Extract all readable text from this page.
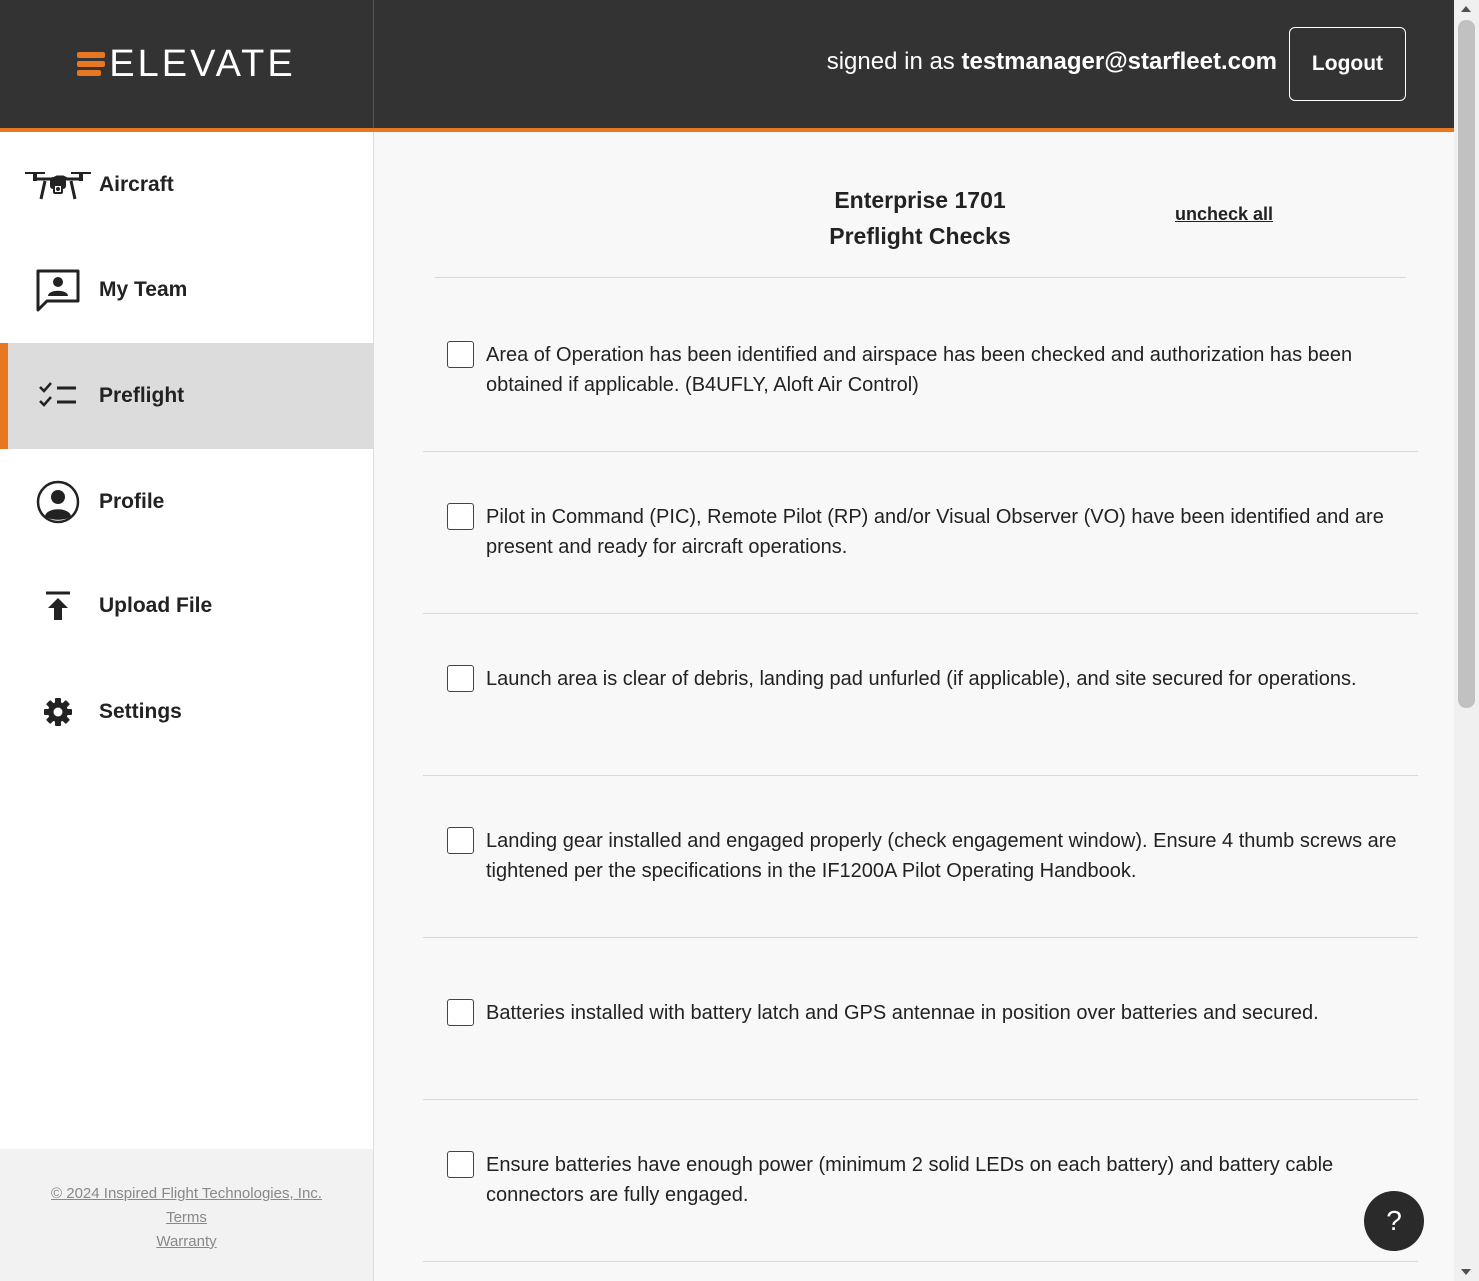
ELEVATE	signed in as testmanager@starfleet.com	Logout
Aircraft
My Team
Preflight
Profile
Upload File
Settings
© 2024 Inspired Flight Technologies, Inc.
Terms
Warranty
Enterprise 1701
Preflight Checks
uncheck all
Area of Operation has been identified and airspace has been checked and authorization has been obtained if applicable. (B4UFLY, Aloft Air Control)
Pilot in Command (PIC), Remote Pilot (RP) and/or Visual Observer (VO) have been identified and are present and ready for aircraft operations.
Launch area is clear of debris, landing pad unfurled (if applicable), and site secured for operations.
Landing gear installed and engaged properly (check engagement window). Ensure 4 thumb screws are tightened per the specifications in the IF1200A Pilot Operating Handbook.
Batteries installed with battery latch and GPS antennae in position over batteries and secured.
Ensure batteries have enough power (minimum 2 solid LEDs on each battery) and battery cable connectors are fully engaged.
?
